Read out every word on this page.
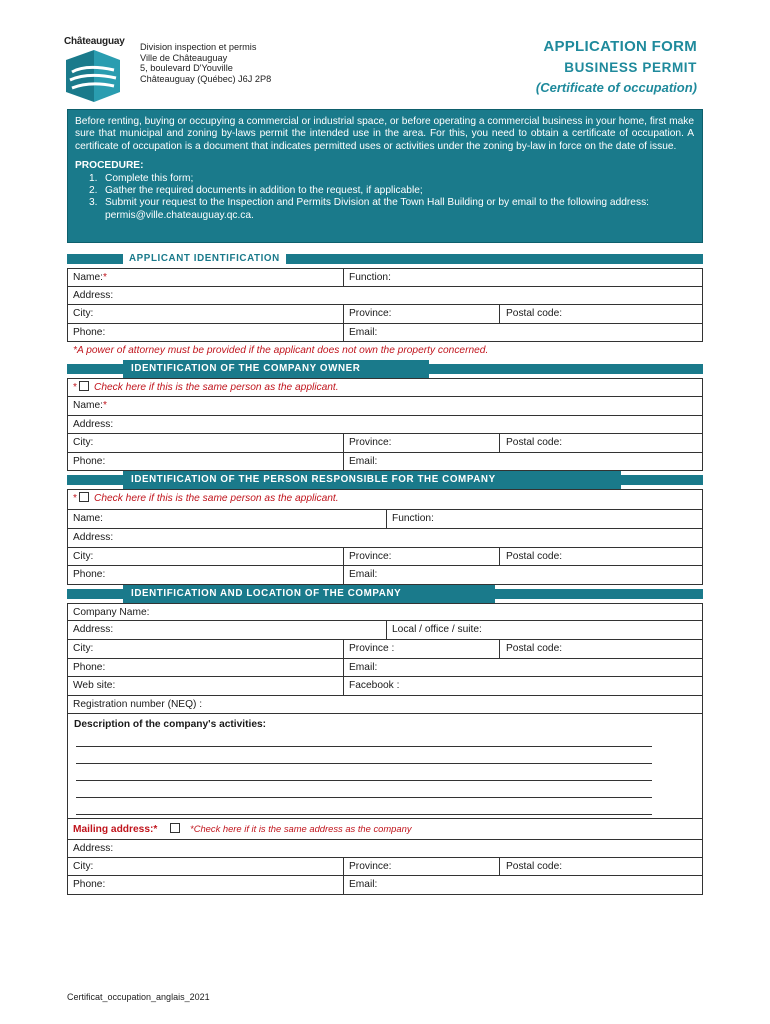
Châteauguay Division inspection et permis
Ville de Châteauguay
5, boulevard D'Youville
Châteauguay (Québec) J6J 2P8
APPLICATION FORM
BUSINESS PERMIT
(Certificate of occupation)
Before renting, buying or occupying a commercial or industrial space, or before operating a commercial business in your home, first make sure that municipal and zoning by-laws permit the intended use in the area. For this, you need to obtain a certificate of occupation. A certificate of occupation is a document that indicates permitted uses or activities under the zoning by-law in force on the date of issue.
PROCEDURE:
1. Complete this form;
2. Gather the required documents in addition to the request, if applicable;
3. Submit your request to the Inspection and Permits Division at the Town Hall Building or by email to the following address: permis@ville.chateauguay.qc.ca.
APPLICANT IDENTIFICATION
Name:*	Function:
Address:
City:	Province:	Postal code:
Phone:	Email:
*A power of attorney must be provided if the applicant does not own the property concerned.
IDENTIFICATION OF THE COMPANY OWNER
* Check here if this is the same person as the applicant.
Name:*
Address:
City:	Province:	Postal code:
Phone:	Email:
IDENTIFICATION OF THE PERSON RESPONSIBLE FOR THE COMPANY
* Check here if this is the same person as the applicant.
Name:	Function:
Address:
City:	Province:	Postal code:
Phone:	Email:
IDENTIFICATION AND LOCATION OF THE COMPANY
Company Name:
Address:	Local / office / suite:
City:	Province :	Postal code:
Phone:	Email:
Web site:	Facebook :
Registration number (NEQ) :
Description of the company's activities:
Mailing address:*	*Check here if it is the same address as the company
Address:
City:	Province:	Postal code:
Phone:	Email:
Certificat_occupation_anglais_2021
